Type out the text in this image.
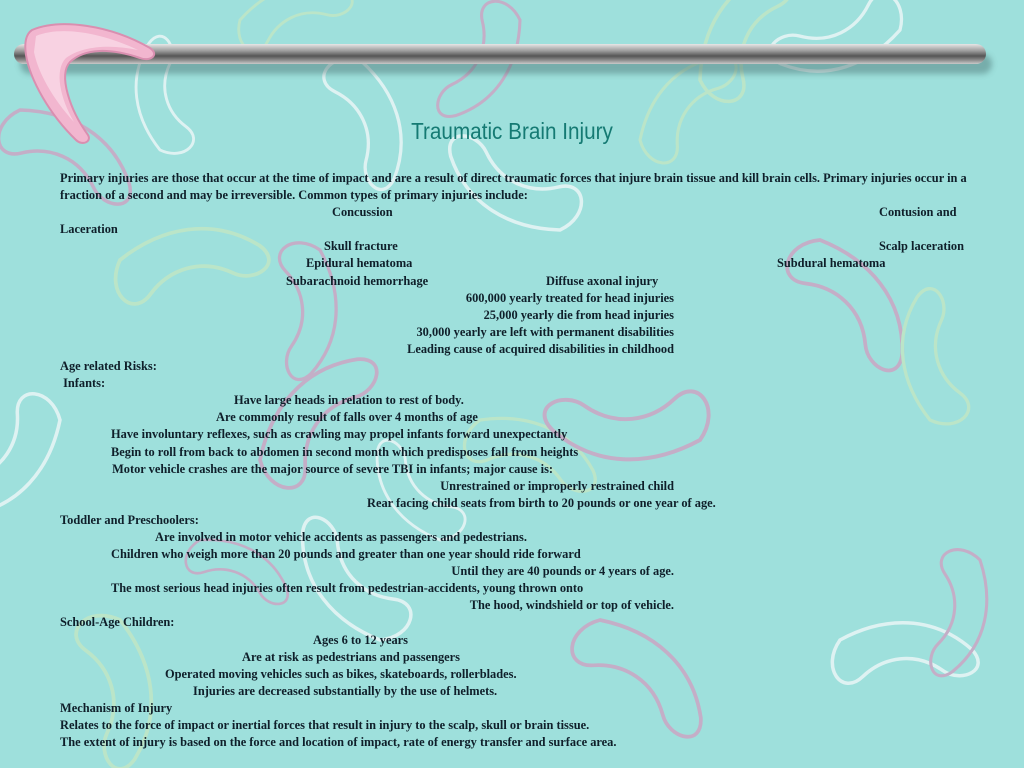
Traumatic Brain Injury
Primary injuries are those that occur at the time of impact and are a result of direct traumatic forces that injure brain tissue and kill brain cells. Primary injuries occur in a fraction of a second and may be irreversible. Common types of primary injuries include:
Concussion	Contusion and
Laceration
Skull fracture	Scalp laceration
Epidural hematoma	Subdural hematoma
Subarachnoid hemorrhage	Diffuse axonal injury
600,000 yearly treated for head injuries
25,000 yearly die from head injuries
30,000 yearly are left with permanent disabilities
Leading cause of acquired disabilities in childhood
Age related Risks:
Infants:
Have large heads in relation to rest of body.
Are commonly result of falls over 4 months of age
Have involuntary reflexes, such as crawling may propel infants forward unexpectantly
Begin to roll from back to abdomen in second month which predisposes fall from heights
Motor vehicle crashes are the major source of severe TBI in infants; major cause is:
Unrestrained or improperly restrained child
Rear facing child seats from birth to 20 pounds or one year of age.
Toddler and Preschoolers:
Are involved in motor vehicle accidents as passengers and pedestrians.
Children who weigh more than 20 pounds and greater than one year should ride forward
Until they are 40 pounds or 4 years of age.
The most serious head injuries often result from pedestrian-accidents, young thrown onto
The hood, windshield or top of vehicle.
School-Age Children:
Ages 6 to 12 years
Are at risk as pedestrians and passengers
Operated moving vehicles such as bikes, skateboards, rollerblades.
Injuries are decreased substantially by the use of helmets.
Mechanism of Injury
Relates to the force of impact or inertial forces that result in injury to the scalp, skull or brain tissue.
The extent of injury is based on the force and location of impact, rate of energy transfer and surface area.
